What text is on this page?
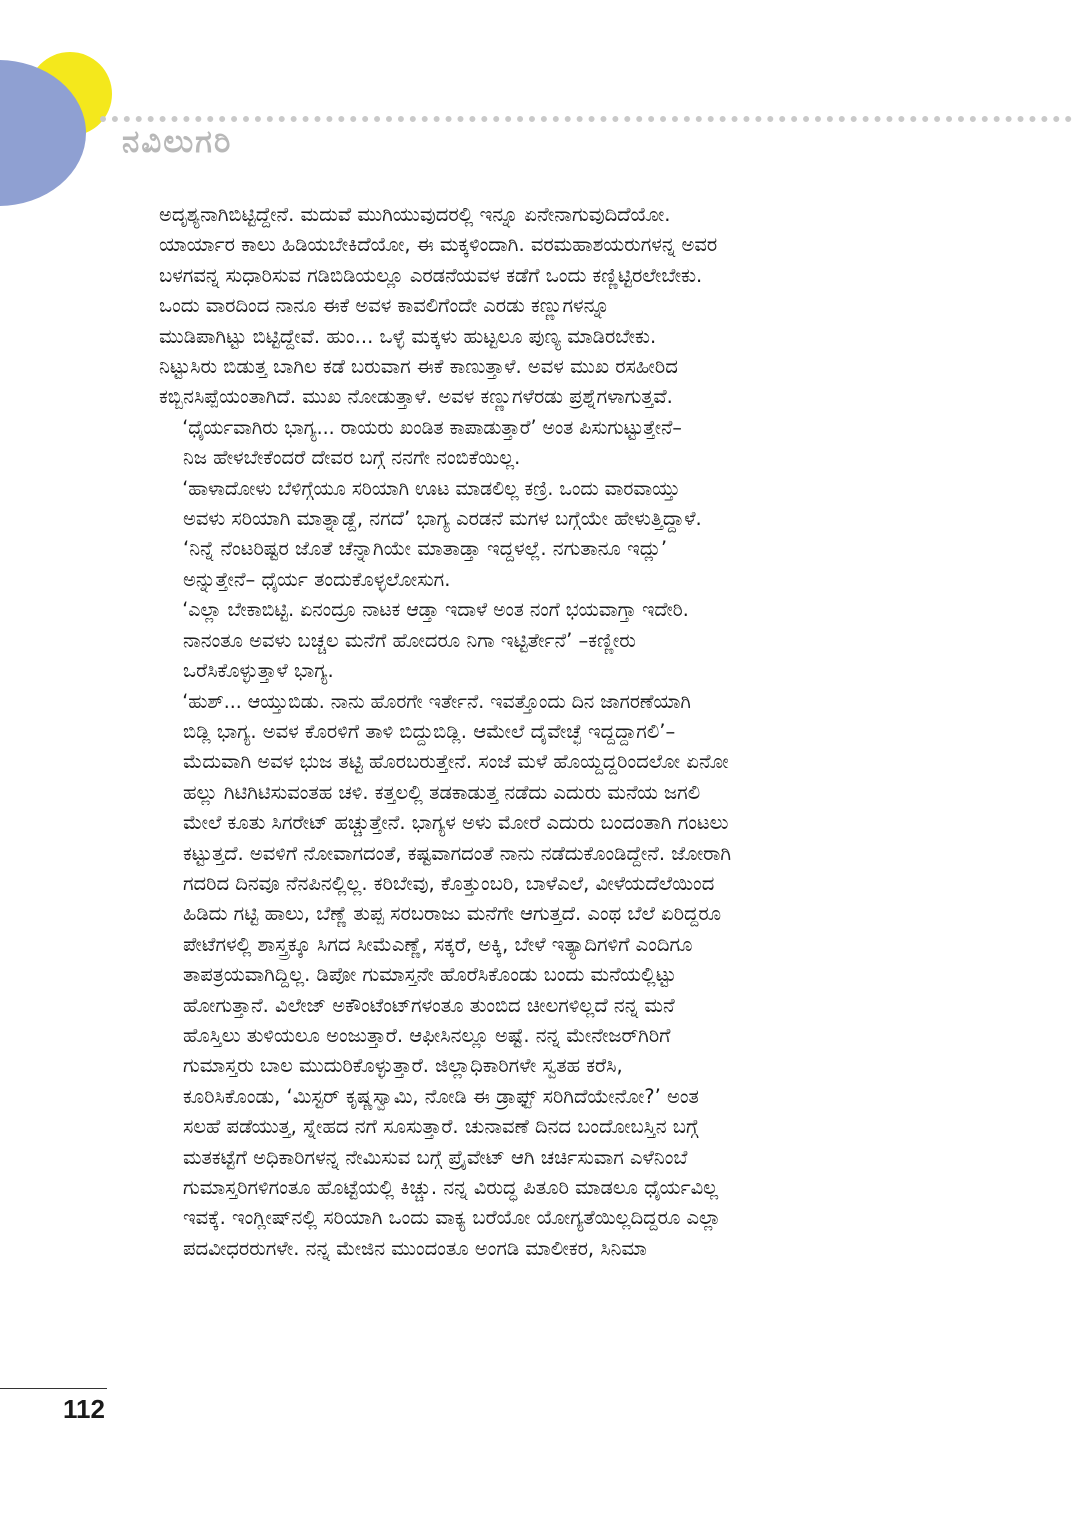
ನವಿಲುಗರಿ

ಅದೃಶ್ಯನಾಗಿಬಿಟ್ಟಿದ್ದೇನೆ. ಮದುವೆ ಮುಗಿಯುವುದರಲ್ಲಿ ಇನ್ನೂ ಏನೇನಾಗುವುದಿದೆಯೋ.
ಯಾರ್ಯಾರ ಕಾಲು ಹಿಡಿಯಬೇಕಿದೆಯೋ, ಈ ಮಕ್ಕಳಿಂದಾಗಿ. ವರಮಹಾಶಯರುಗಳನ್ನ ಅವರ
ಬಳಗವನ್ನ ಸುಧಾರಿಸುವ ಗಡಿಬಿಡಿಯಲ್ಲೂ ಎರಡನೆಯವಳ ಕಡೆಗೆ ಒಂದು ಕಣ್ಣಿಟ್ಟಿರಲೇಬೇಕು.
ಒಂದು ವಾರದಿಂದ ನಾನೂ ಈಕೆ ಅವಳ ಕಾವಲಿಗೆಂದೇ ಎರಡು ಕಣ್ಣುಗಳನ್ನೂ
ಮುಡಿಪಾಗಿಟ್ಟು ಬಿಟ್ಟಿದ್ದೇವೆ. ಹುಂ... ಒಳ್ಳೆ ಮಕ್ಕಳು ಹುಟ್ಟಲೂ ಪುಣ್ಯ ಮಾಡಿರಬೇಕು.
ನಿಟ್ಟುಸಿರು ಬಿಡುತ್ತ ಬಾಗಿಲ ಕಡೆ ಬರುವಾಗ ಈಕೆ ಕಾಣುತ್ತಾಳೆ. ಅವಳ ಮುಖ ರಸಹೀರಿದ
ಕಬ್ಬಿನಸಿಪ್ಪೆಯಂತಾಗಿದೆ. ಮುಖ ನೋಡುತ್ತಾಳೆ. ಅವಳ ಕಣ್ಣುಗಳೆರಡು ಪ್ರಶ್ನೆಗಳಾಗುತ್ತವೆ.

‘ಧೈರ್ಯವಾಗಿರು ಭಾಗ್ಯ... ರಾಯರು ಖಂಡಿತ ಕಾಪಾಡುತ್ತಾರೆ’ ಅಂತ ಪಿಸುಗುಟ್ಟುತ್ತೇನೆ–
ನಿಜ ಹೇಳಬೇಕೆಂದರೆ ದೇವರ ಬಗ್ಗೆ ನನಗೇ ನಂಬಿಕೆಯಿಲ್ಲ.

‘ಹಾಳಾದೋಳು ಬೆಳಿಗ್ಗೆಯೂ ಸರಿಯಾಗಿ ಊಟ ಮಾಡಲಿಲ್ಲ ಕಣ್ರಿ. ಒಂದು ವಾರವಾಯ್ತು
ಅವಳು ಸರಿಯಾಗಿ ಮಾತ್ನಾಡ್ದೆ, ನಗದೆ’ ಭಾಗ್ಯ ಎರಡನೆ ಮಗಳ ಬಗ್ಗೆಯೇ ಹೇಳುತ್ತಿದ್ದಾಳೆ.
‘ನಿನ್ನೆ ನೆಂಟರಿಷ್ಟರ ಜೊತೆ ಚೆನ್ನಾಗಿಯೇ ಮಾತಾಡ್ತಾ ಇದ್ದಳಲ್ಲೆ. ನಗುತಾನೂ ಇದ್ಲು’
ಅನ್ನುತ್ತೇನೆ– ಧೈರ್ಯ ತಂದುಕೊಳ್ಳಲೋಸುಗ.

‘ಎಲ್ಲಾ ಬೇಕಾಬಿಟ್ಟಿ. ಏನಂದ್ರೂ ನಾಟಕ ಆಡ್ತಾ ಇದಾಳೆ ಅಂತ ನಂಗೆ ಭಯವಾಗ್ತಾ ಇದೇರಿ.
ನಾನಂತೂ ಅವಳು ಬಚ್ಚಲ ಮನೆಗೆ ಹೋದರೂ ನಿಗಾ ಇಟ್ಟಿರ್ತೇನೆ’ –ಕಣ್ಣೀರು
ಒರೆಸಿಕೊಳ್ಳುತ್ತಾಳೆ ಭಾಗ್ಯ.

‘ಹುಶ್... ಆಯ್ತುಬಿಡು. ನಾನು ಹೊರಗೇ ಇರ್ತೇನೆ. ಇವತ್ತೊಂದು ದಿನ ಜಾಗರಣೆಯಾಗಿ
ಬಿಡ್ಲಿ ಭಾಗ್ಯ. ಅವಳ ಕೊರಳಿಗೆ ತಾಳಿ ಬಿದ್ದುಬಿಡ್ಲಿ. ಆಮೇಲೆ ದೈವೇಚ್ಛೆ ಇದ್ದದ್ದಾಗಲಿ’–
ಮೆದುವಾಗಿ ಅವಳ ಭುಜ ತಟ್ಟಿ ಹೊರಬರುತ್ತೇನೆ. ಸಂಜೆ ಮಳೆ ಹೊಯ್ದದ್ದರಿಂದಲೋ ಏನೋ
ಹಲ್ಲು ಗಿಟಿಗಿಟಿಸುವಂತಹ ಚಳಿ. ಕತ್ತಲಲ್ಲಿ ತಡಕಾಡುತ್ತ ನಡೆದು ಎದುರು ಮನೆಯ ಜಗಲಿ
ಮೇಲೆ ಕೂತು ಸಿಗರೇಟ್ ಹಚ್ಚುತ್ತೇನೆ. ಭಾಗ್ಯಳ ಅಳು ಮೋರೆ ಎದುರು ಬಂದಂತಾಗಿ ಗಂಟಲು
ಕಟ್ಟುತ್ತದೆ. ಅವಳಿಗೆ ನೋವಾಗದಂತೆ, ಕಷ್ಟವಾಗದಂತೆ ನಾನು ನಡೆದುಕೊಂಡಿದ್ದೇನೆ. ಜೋರಾಗಿ
ಗದರಿದ ದಿನವೂ ನೆನಪಿನಲ್ಲಿಲ್ಲ. ಕರಿಬೇವು, ಕೊತ್ತುಂಬರಿ, ಬಾಳೆಎಲೆ, ವೀಳೆಯದೆಲೆಯಿಂದ
ಹಿಡಿದು ಗಟ್ಟಿ ಹಾಲು, ಬೆಣ್ಣೆ ತುಪ್ಪ ಸರಬರಾಜು ಮನೆಗೇ ಆಗುತ್ತದೆ. ಎಂಥ ಬೆಲೆ ಏರಿದ್ದರೂ
ಪೇಟೆಗಳಲ್ಲಿ ಶಾಸ್ತ್ರಕ್ಕೂ ಸಿಗದ ಸೀಮೆಎಣ್ಣೆ, ಸಕ್ಕರೆ, ಅಕ್ಕಿ, ಬೇಳೆ ಇತ್ಯಾದಿಗಳಿಗೆ ಎಂದಿಗೂ
ತಾಪತ್ರಯವಾಗಿದ್ದಿಲ್ಲ. ಡಿಪೋ ಗುಮಾಸ್ತನೇ ಹೊರೆಸಿಕೊಂಡು ಬಂದು ಮನೆಯಲ್ಲಿಟ್ಟು
ಹೋಗುತ್ತಾನೆ. ವಿಲೇಜ್ ಅಕೌಂಟೆಂಟ್‌ಗಳಂತೂ ತುಂಬಿದ ಚೀಲಗಳಿಲ್ಲದೆ ನನ್ನ ಮನೆ
ಹೊಸ್ತಿಲು ತುಳಿಯಲೂ ಅಂಜುತ್ತಾರೆ. ಆಫೀಸಿನಲ್ಲೂ ಅಷ್ಟೆ. ನನ್ನ ಮೇನೇಜರ್‌ಗಿರಿಗೆ
ಗುಮಾಸ್ತರು ಬಾಲ ಮುದುರಿಕೊಳ್ಳುತ್ತಾರೆ. ಜಿಲ್ಲಾಧಿಕಾರಿಗಳೇ ಸ್ವತಹ ಕರೆಸಿ,
ಕೂರಿಸಿಕೊಂಡು, ‘ಮಿಸ್ಟರ್ ಕೃಷ್ಣಸ್ವಾಮಿ, ನೋಡಿ ಈ ಡ್ರಾಫ್ಟ್ ಸರಿಗಿದೆಯೇನೋ?’ ಅಂತ
ಸಲಹೆ ಪಡೆಯುತ್ತ, ಸ್ನೇಹದ ನಗೆ ಸೂಸುತ್ತಾರೆ. ಚುನಾವಣೆ ದಿನದ ಬಂದೋಬಸ್ತಿನ ಬಗ್ಗೆ
ಮತಕಟ್ಟೆಗೆ ಅಧಿಕಾರಿಗಳನ್ನ ನೇಮಿಸುವ ಬಗ್ಗೆ ಪ್ರೈವೇಟ್ ಆಗಿ ಚರ್ಚಿಸುವಾಗ ಎಳೆನಿಂಬೆ
ಗುಮಾಸ್ತರಿಗಳಿಗಂತೂ ಹೊಟ್ಟೆಯಲ್ಲಿ ಕಿಚ್ಚು. ನನ್ನ ವಿರುದ್ಧ ಪಿತೂರಿ ಮಾಡಲೂ ಧೈರ್ಯವಿಲ್ಲ
ಇವಕ್ಕೆ. ಇಂಗ್ಲೀಷ್‌ನಲ್ಲಿ ಸರಿಯಾಗಿ ಒಂದು ವಾಕ್ಯ ಬರೆಯೋ ಯೋಗ್ಯತೆಯಿಲ್ಲದಿದ್ದರೂ ಎಲ್ಲಾ
ಪದವೀಧರರುಗಳೇ. ನನ್ನ ಮೇಜಿನ ಮುಂದಂತೂ ಅಂಗಡಿ ಮಾಲೀಕರ, ಸಿನಿಮಾ

112
